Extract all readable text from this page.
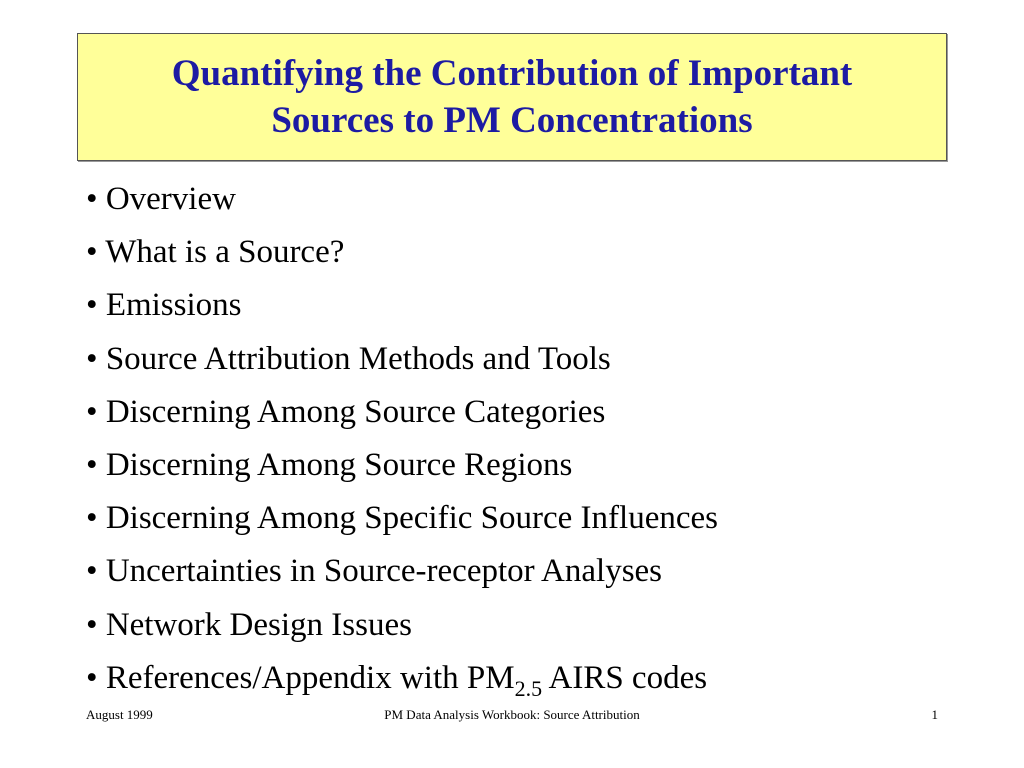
Quantifying the Contribution of Important
Sources to PM Concentrations
• Overview
• What is a Source?
• Emissions
• Source Attribution Methods and Tools
• Discerning Among Source Categories
• Discerning Among Source Regions
• Discerning Among Specific Source Influences
• Uncertainties in Source-receptor Analyses
• Network Design Issues
• References/Appendix with $PM_{2.5}$ AIRS codes
August 1999	PM Data Analysis Workbook: Source Attribution	1
